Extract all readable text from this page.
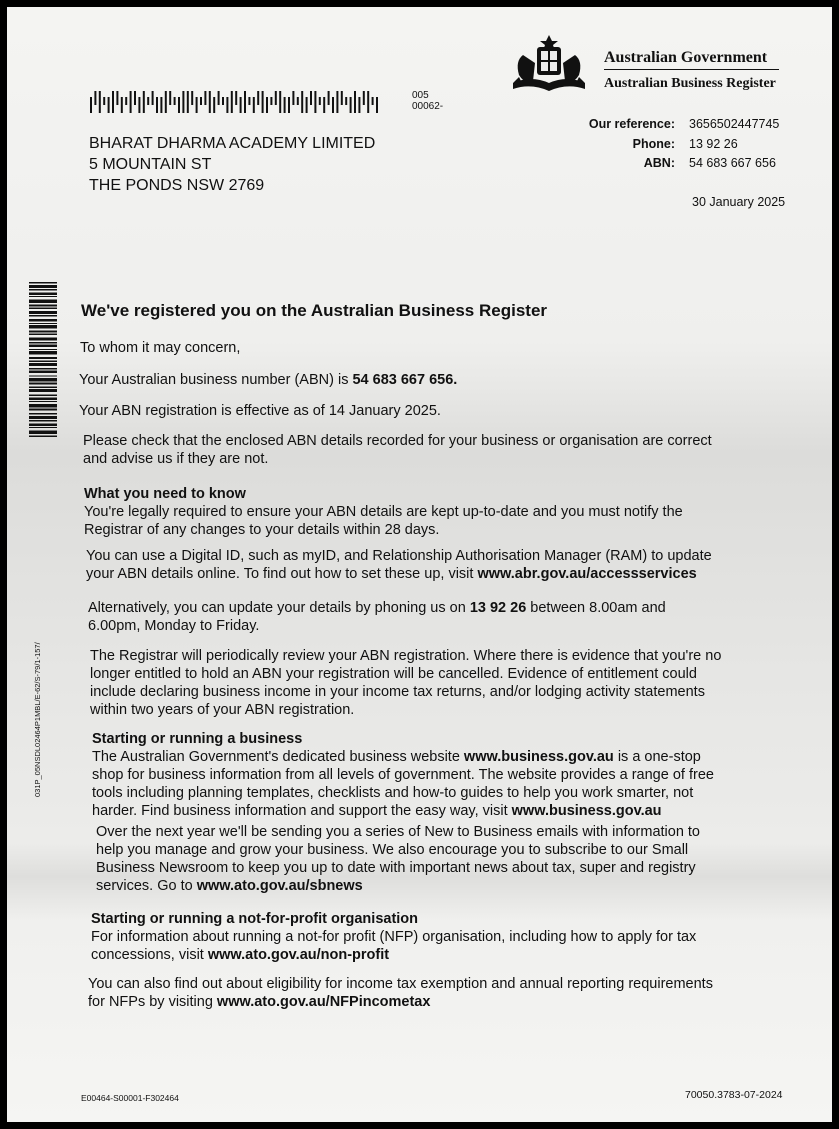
005
00062-
Australian Government
Australian Business Register
BHARAT DHARMA ACADEMY LIMITED
5 MOUNTAIN ST
THE PONDS NSW 2769
Our reference: 3656502447745
Phone: 13 92 26
ABN: 54 683 667 656
30 January 2025
031P_05NSDL02464P1MBL/E-62/S-79/1-157/
We've registered you on the Australian Business Register
To whom it may concern,
Your Australian business number (ABN) is 54 683 667 656.
Your ABN registration is effective as of 14 January 2025.
Please check that the enclosed ABN details recorded for your business or organisation are correct
and advise us if they are not.
What you need to know
You're legally required to ensure your ABN details are kept up-to-date and you must notify the
Registrar of any changes to your details within 28 days.
You can use a Digital ID, such as myID, and Relationship Authorisation Manager (RAM) to update
your ABN details online. To find out how to set these up, visit www.abr.gov.au/accessservices
Alternatively, you can update your details by phoning us on 13 92 26 between 8.00am and
6.00pm, Monday to Friday.
The Registrar will periodically review your ABN registration. Where there is evidence that you're no
longer entitled to hold an ABN your registration will be cancelled. Evidence of entitlement could
include declaring business income in your income tax returns, and/or lodging activity statements
within two years of your ABN registration.
Starting or running a business
The Australian Government's dedicated business website www.business.gov.au is a one-stop
shop for business information from all levels of government. The website provides a range of free
tools including planning templates, checklists and how-to guides to help you work smarter, not
harder. Find business information and support the easy way, visit www.business.gov.au
Over the next year we'll be sending you a series of New to Business emails with information to
help you manage and grow your business. We also encourage you to subscribe to our Small
Business Newsroom to keep you up to date with important news about tax, super and registry
services. Go to www.ato.gov.au/sbnews
Starting or running a not-for-profit organisation
For information about running a not-for profit (NFP) organisation, including how to apply for tax
concessions, visit www.ato.gov.au/non-profit
You can also find out about eligibility for income tax exemption and annual reporting requirements
for NFPs by visiting www.ato.gov.au/NFPincometax
E00464-S00001-F302464	70050.3783-07-2024
